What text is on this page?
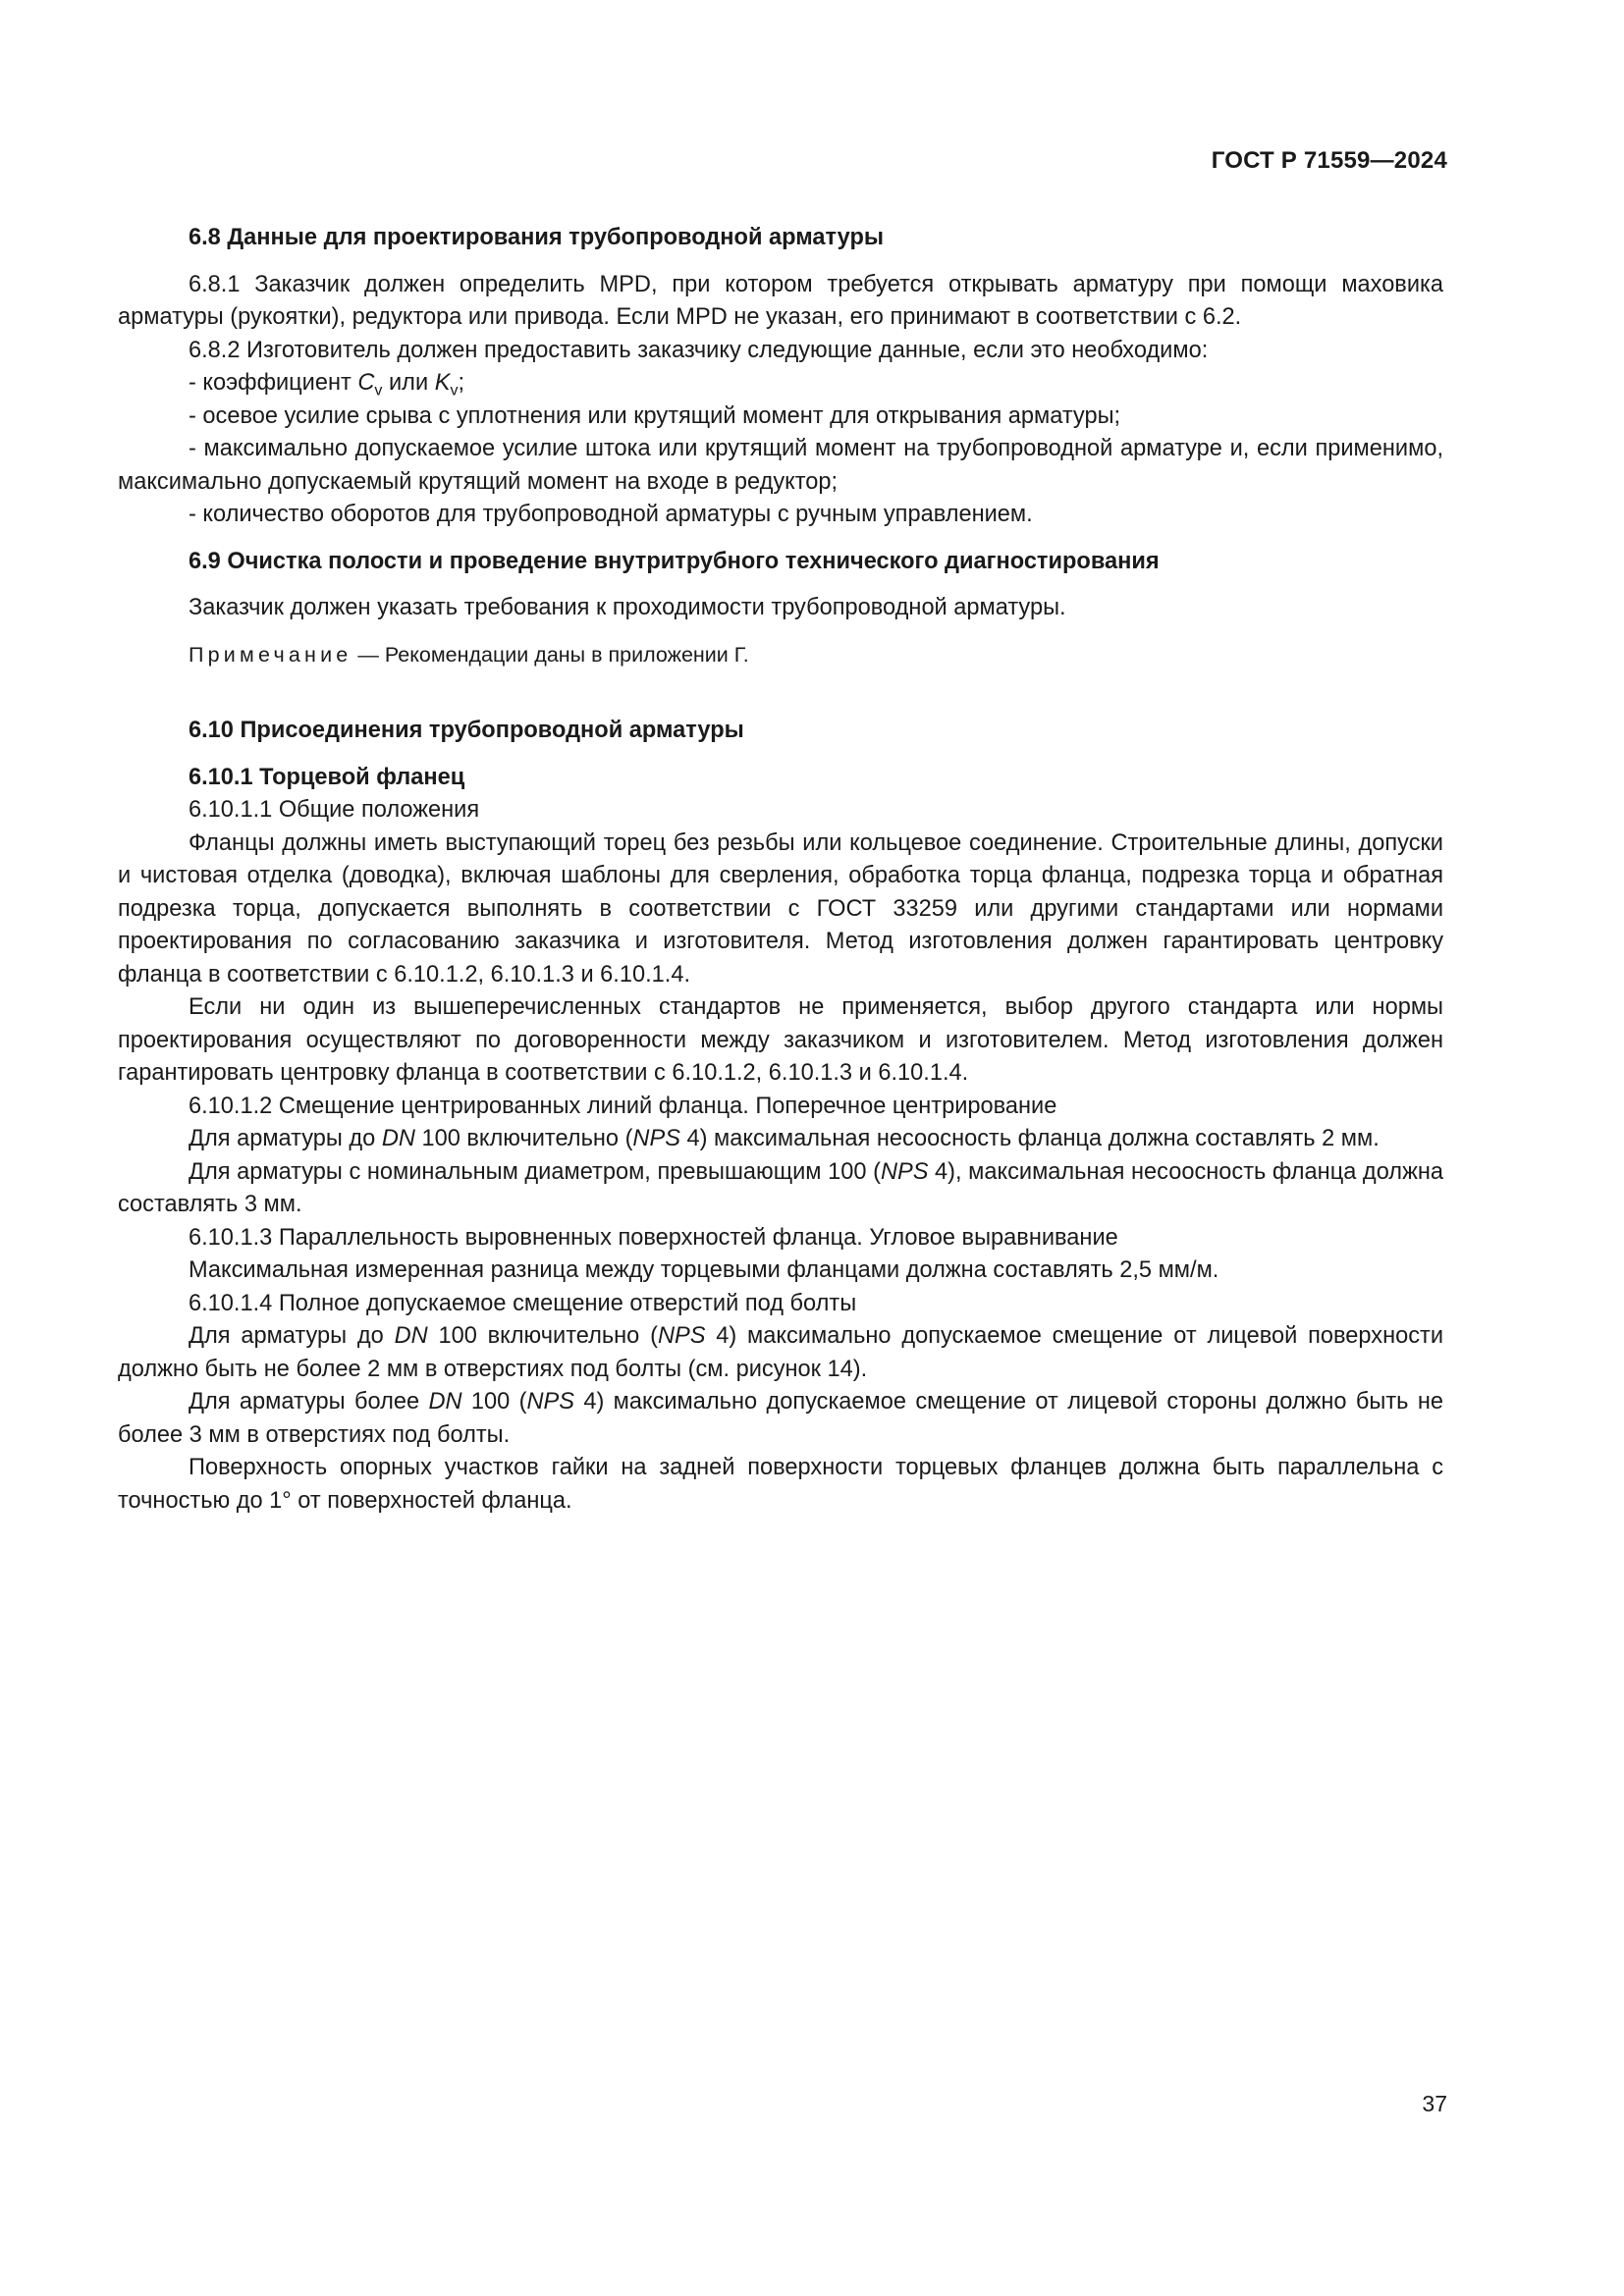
ГОСТ Р 71559—2024

6.8 Данные для проектирования трубопроводной арматуры

6.8.1 Заказчик должен определить MPD, при котором требуется открывать арматуру при помощи маховика арматуры (рукоятки), редуктора или привода. Если MPD не указан, его принимают в соответствии с 6.2.

6.8.2 Изготовитель должен предоставить заказчику следующие данные, если это необходимо:

- коэффициент $C_v$ или $K_v$;

- осевое усилие срыва с уплотнения или крутящий момент для открывания арматуры;

- максимально допускаемое усилие штока или крутящий момент на трубопроводной арматуре и, если применимо, максимально допускаемый крутящий момент на входе в редуктор;

- количество оборотов для трубопроводной арматуры с ручным управлением.

6.9 Очистка полости и проведение внутритрубного технического диагностирования

Заказчик должен указать требования к проходимости трубопроводной арматуры.

Примечание — Рекомендации даны в приложении Г.

6.10 Присоединения трубопроводной арматуры

6.10.1 Торцевой фланец

6.10.1.1 Общие положения

Фланцы должны иметь выступающий торец без резьбы или кольцевое соединение. Строительные длины, допуски и чистовая отделка (доводка), включая шаблоны для сверления, обработка торца фланца, подрезка торца и обратная подрезка торца, допускается выполнять в соответствии с ГОСТ 33259 или другими стандартами или нормами проектирования по согласованию заказчика и изготовителя. Метод изготовления должен гарантировать центровку фланца в соответствии с 6.10.1.2, 6.10.1.3 и 6.10.1.4.

Если ни один из вышеперечисленных стандартов не применяется, выбор другого стандарта или нормы проектирования осуществляют по договоренности между заказчиком и изготовителем. Метод изготовления должен гарантировать центровку фланца в соответствии с 6.10.1.2, 6.10.1.3 и 6.10.1.4.

6.10.1.2 Смещение центрированных линий фланца. Поперечное центрирование

Для арматуры до DN 100 включительно (NPS 4) максимальная несоосность фланца должна составлять 2 мм.

Для арматуры с номинальным диаметром, превышающим 100 (NPS 4), максимальная несоосность фланца должна составлять 3 мм.

6.10.1.3 Параллельность выровненных поверхностей фланца. Угловое выравнивание

Максимальная измеренная разница между торцевыми фланцами должна составлять 2,5 мм/м.

6.10.1.4 Полное допускаемое смещение отверстий под болты

Для арматуры до DN 100 включительно (NPS 4) максимально допускаемое смещение от лицевой поверхности должно быть не более 2 мм в отверстиях под болты (см. рисунок 14).

Для арматуры более DN 100 (NPS 4) максимально допускаемое смещение от лицевой стороны должно быть не более 3 мм в отверстиях под болты.

Поверхность опорных участков гайки на задней поверхности торцевых фланцев должна быть параллельна с точностью до 1° от поверхностей фланца.

37
